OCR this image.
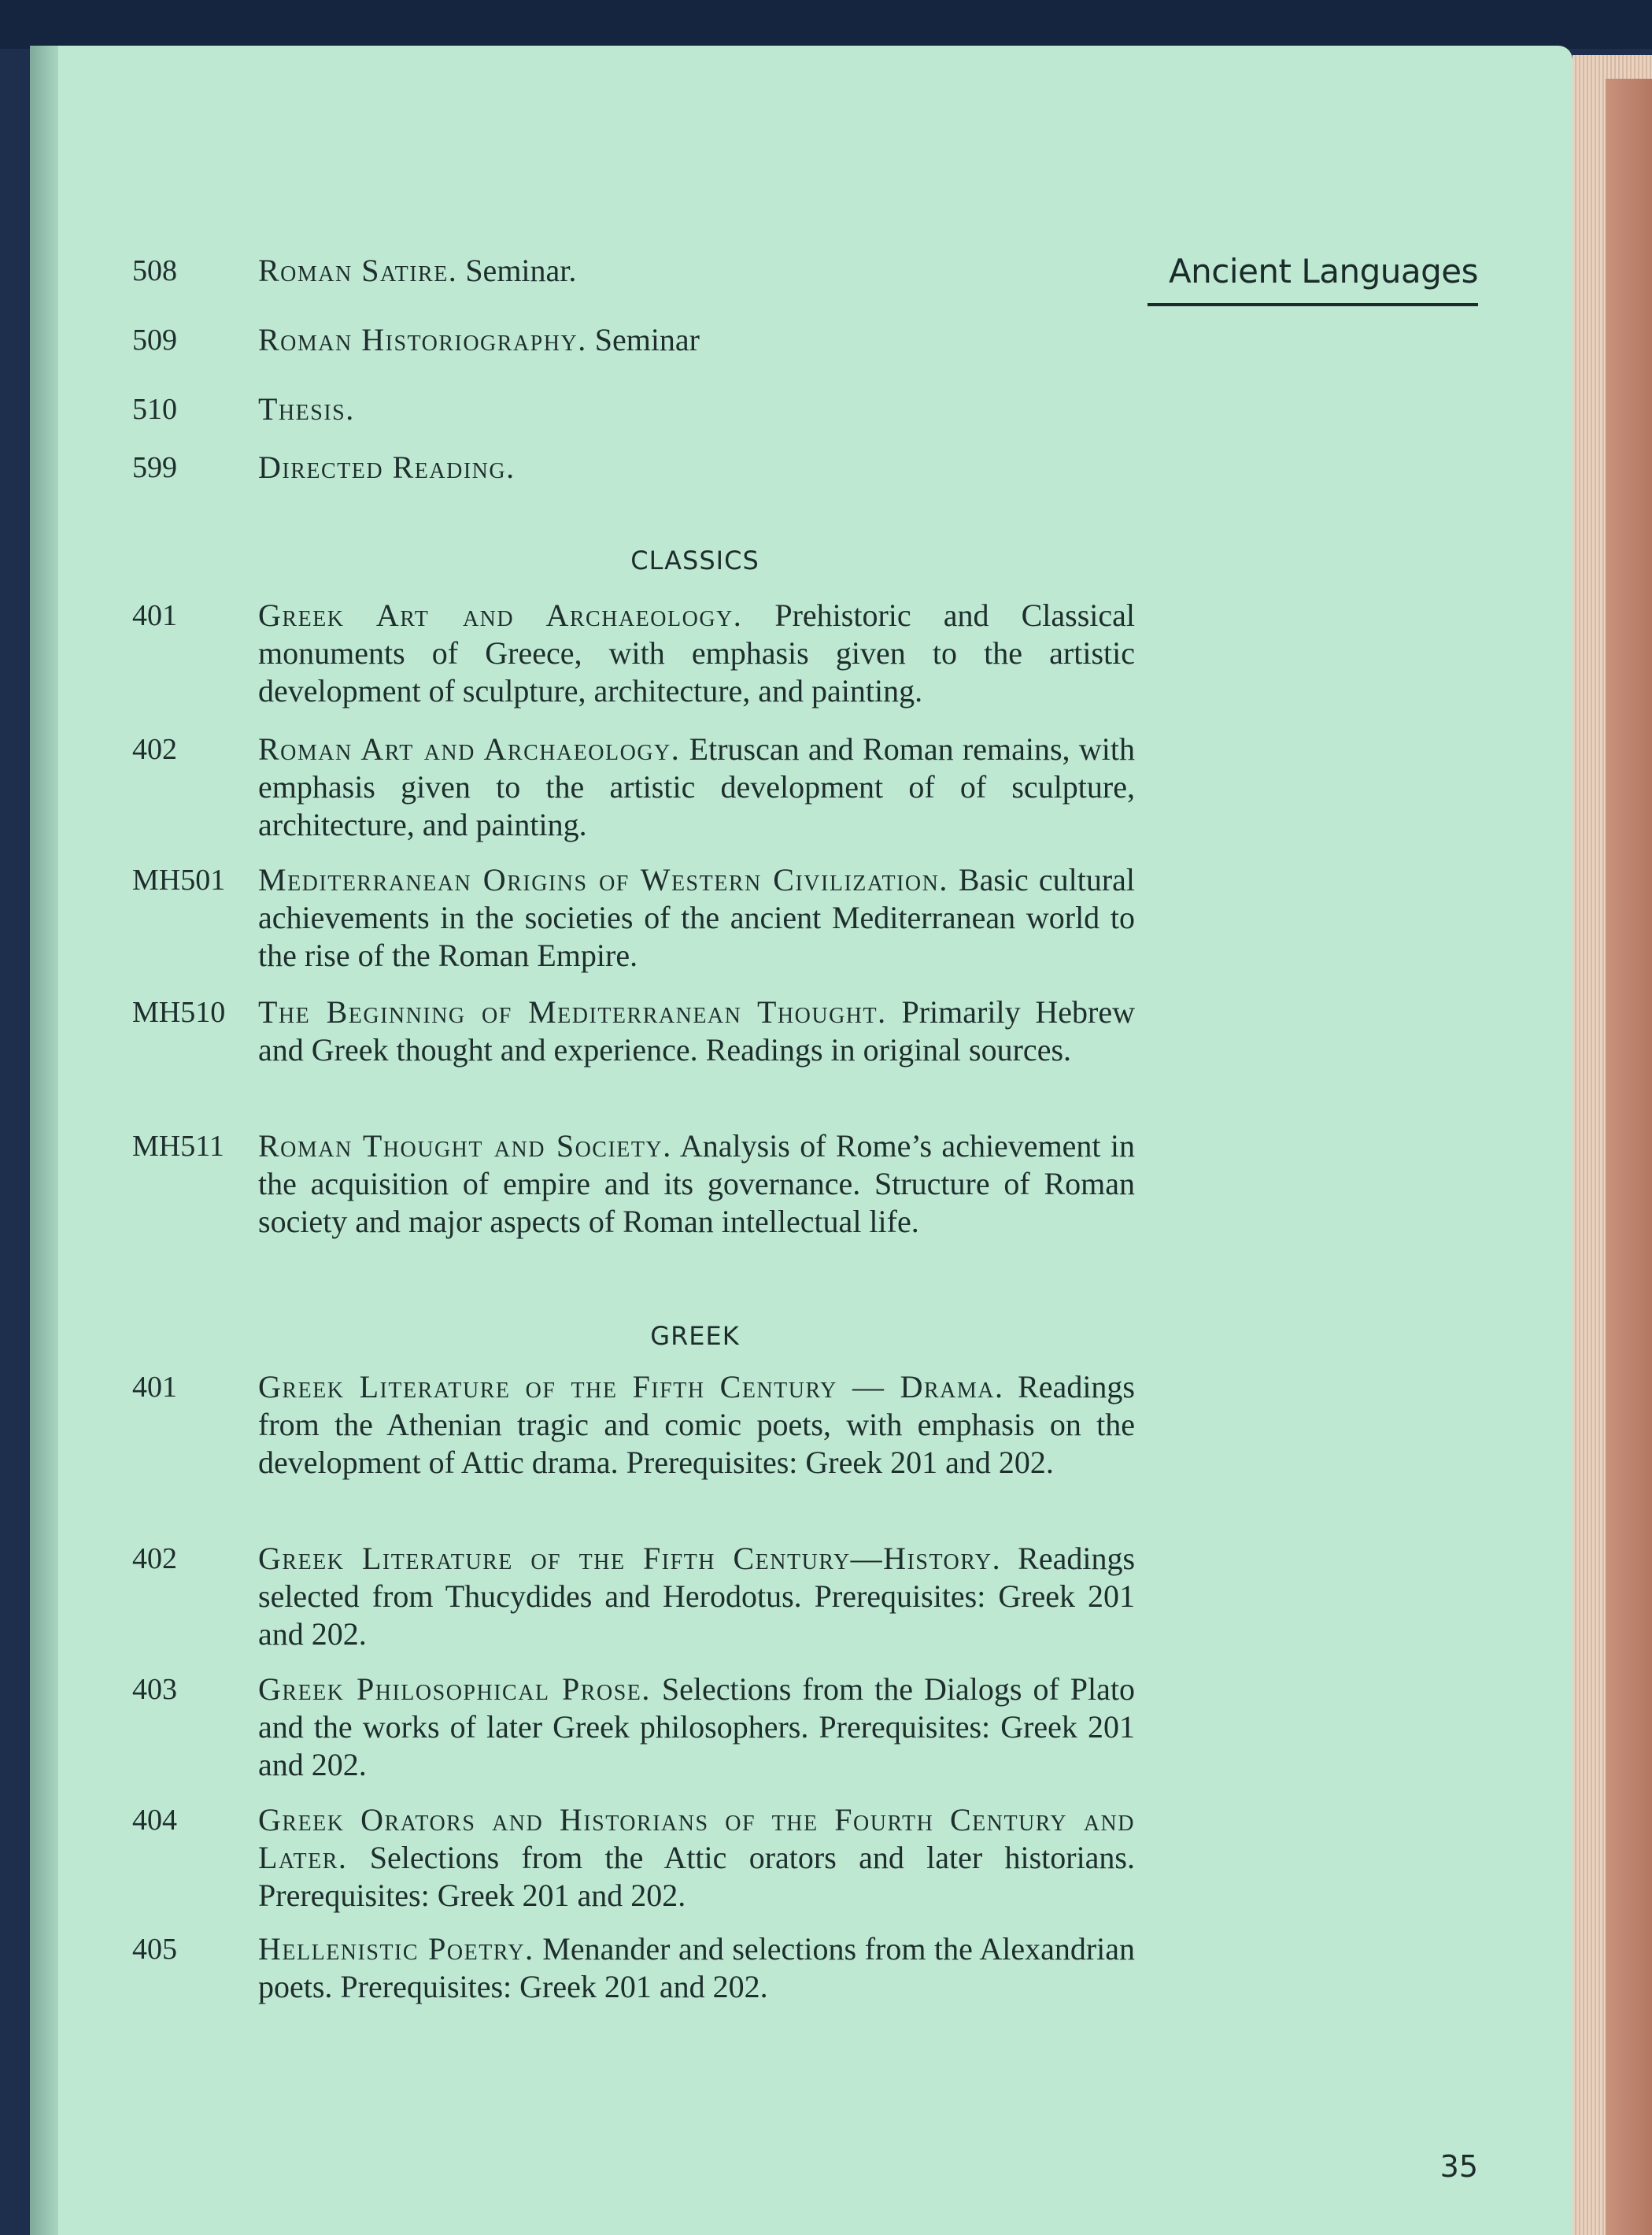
Ancient Languages
508	Roman Satire. Seminar.
509	Roman Historiography. Seminar
510	Thesis.
599	Directed Reading.
CLASSICS
401	Greek Art and Archaeology. Prehistoric and Classical monuments of Greece, with emphasis given to the artistic development of sculpture, architecture, and painting.
402	Roman Art and Archaeology. Etruscan and Roman remains, with emphasis given to the artistic development of of sculpture, architecture, and painting.
MH501	Mediterranean Origins of Western Civilization. Basic cultural achievements in the societies of the ancient Mediterranean world to the rise of the Roman Empire.
MH510	The Beginning of Mediterranean Thought. Primarily Hebrew and Greek thought and experience. Readings in original sources.
MH511	Roman Thought and Society. Analysis of Rome’s achievement in the acquisition of empire and its governance. Structure of Roman society and major aspects of Roman intellectual life.
GREEK
401	Greek Literature of the Fifth Century — Drama. Readings from the Athenian tragic and comic poets, with emphasis on the development of Attic drama. Prerequisites: Greek 201 and 202.
402	Greek Literature of the Fifth Century—History. Readings selected from Thucydides and Herodotus. Prerequisites: Greek 201 and 202.
403	Greek Philosophical Prose. Selections from the Dialogs of Plato and the works of later Greek philosophers. Prerequisites: Greek 201 and 202.
404	Greek Orators and Historians of the Fourth Century and Later. Selections from the Attic orators and later historians. Prerequisites: Greek 201 and 202.
405	Hellenistic Poetry. Menander and selections from the Alexandrian poets. Prerequisites: Greek 201 and 202.
35
